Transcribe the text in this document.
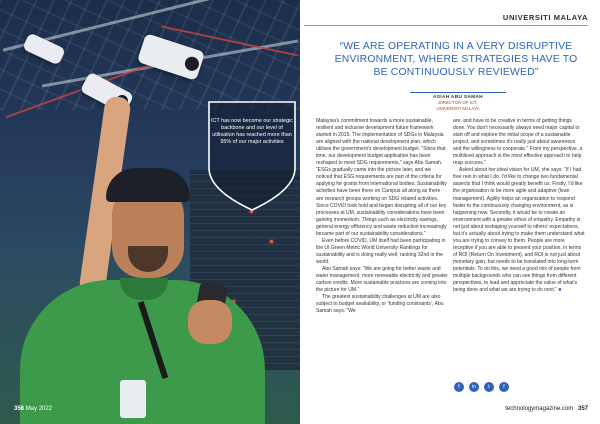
356 May 2022
ICT has now become our strategic backbone and our level of utilisation has reached more than 95% of our major activities
UNIVERSITI MALAYA
“WE ARE OPERATING IN A VERY DISRUPTIVE ENVIRONMENT, WHERE STRATEGIES HAVE TO BE CONTINUOUSLY REVIEWED”
ASIAH ABU SAMAH
DIRECTOR OF ICT,
UNIVERSITI MALAYA

Malaysia’s commitment towards a more sustainable, resilient and inclusive development future framework started in 2015. The implementation of SDGs in Malaysia are aligned with the national development plan, which utilises the government’s development budget. “Since that time, our development budget application has been reshaped to meet SDG requirements,” says Abu Samah. “ESGs gradually came into the picture later, and we noticed that ESG requirements are part of the criteria for applying for grants from international bodies. Sustainability activities have been there on Campus all along as there are research groups working on SDG related activities. Since COVID took hold and began disrupting all of our key processes at UM, sustainability considerations have been gaining momentum. Things such as electricity savings, general energy efficiency and waste reduction increasingly became part of our sustainability considerations.”

Even before COVID, UM itself had been participating in the UI Green Metric World University Rankings for sustainability and is doing really well, ranking 32nd in the world.

Abu Samah says: “We are going for better waste and water management, more renewable electricity and greater carbon credits. More sustainable practices are coming into the picture for UM.”

The greatest sustainability challenges at UM are also subject to budget availability, or ‘funding constraints’, Abu Samah says. “We

are, and have to be creative in terms of getting things done. You don’t necessarily always need major capital to start off and explore the initial scope of a sustainable project, and sometimes it’s really just about awareness and the willingness to cooperate.” From my perspective, a multilevel approach is the most effective approach to help reap success.”

Asked about her ideal vision for UM, she says: “If I had free rein in what I do, I’d like to change two fundamental aspects that I think would greatly benefit us. Firstly, I’d like the organisation to be more agile and adaptive (lean management). Agility helps an organisation to respond faster to the continuously changing environment, as is happening now. Secondly, it would be to create an environment with a greater ethos of empathy. Empathy is not just about reshaping yourself to others’ expectations, but it’s actually about trying to make them understand what you are trying to convey to them. People are more receptive if you are able to present your position, in terms of ROI (Return On Investment), and ROI is not just about monetary gain, but needs to be translated into long-term potentials. To do this, we need a good mix of people from multiple backgrounds who can see things from different perspectives, to lead and appreciate the value of what’s being done and what we are trying to do next.” ■

f	in	t	f
technologymagazine.com 357
